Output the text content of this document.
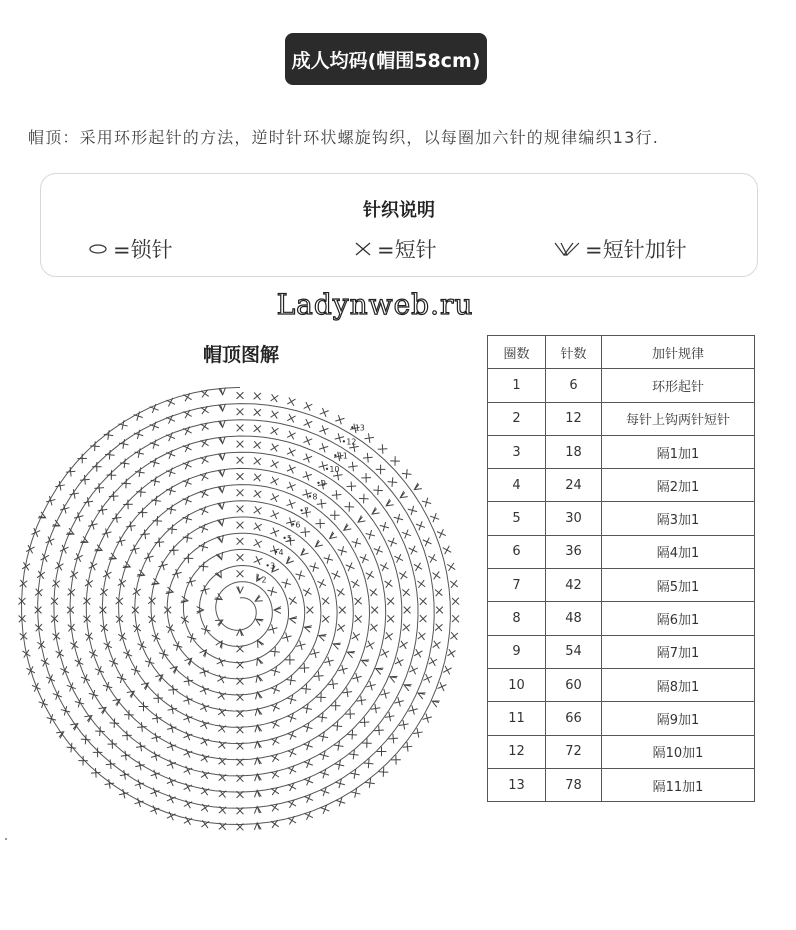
成人均码(帽围58cm)
帽顶：采用环形起针的方法，逆时针环状螺旋钩织，以每圈加六针的规律编织13行.
针织说明
=锁针	=短针	=短针加针
Ladynweb.ru
帽顶图解
•2
•3
•4
•5
•6
•7
•8
•9
•10
•11
•12
•13
圈数	针数	加针规律
1	6	环形起针
2	12	每针上钩两针短针
3	18	隔1加1
4	24	隔2加1
5	30	隔3加1
6	36	隔4加1
7	42	隔5加1
8	48	隔6加1
9	54	隔7加1
10	60	隔8加1
11	66	隔9加1
12	72	隔10加1
13	78	隔11加1
